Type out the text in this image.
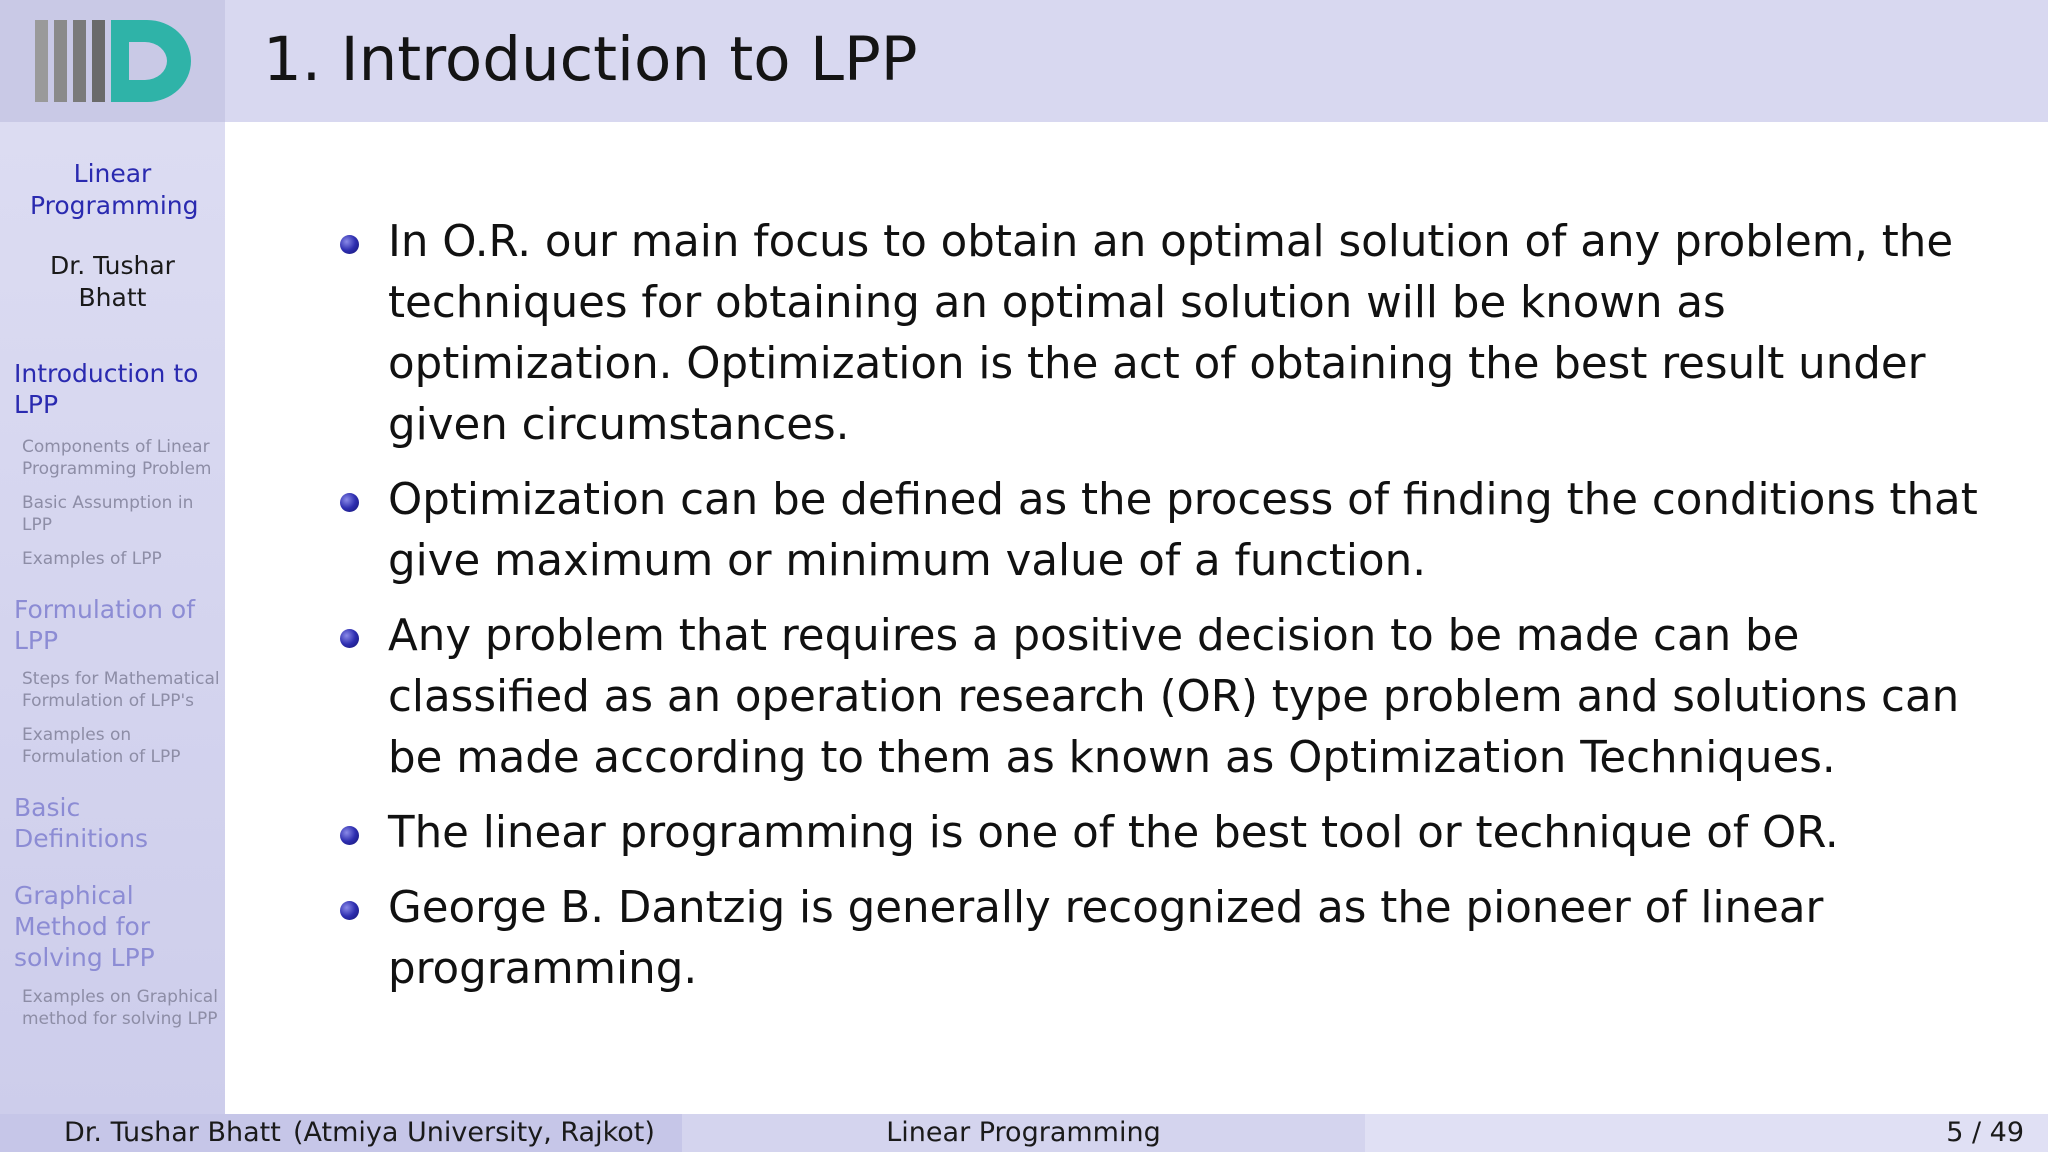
1. Introduction to LPP
Linear Programming
Dr. Tushar Bhatt
Introduction to LPP
Components of Linear Programming Problem
Basic Assumption in LPP
Examples of LPP
Formulation of LPP
Steps for Mathematical Formulation of LPP's
Examples on Formulation of LPP
Basic Definitions
Graphical Method for solving LPP
Examples on Graphical method for solving LPP
In O.R. our main focus to obtain an optimal solution of any problem, the techniques for obtaining an optimal solution will be known as optimization. Optimization is the act of obtaining the best result under given circumstances.
Optimization can be defined as the process of finding the conditions that give maximum or minimum value of a function.
Any problem that requires a positive decision to be made can be classified as an operation research (OR) type problem and solutions can be made according to them as known as Optimization Techniques.
The linear programming is one of the best tool or technique of OR.
George B. Dantzig is generally recognized as the pioneer of linear programming.
Dr. Tushar Bhatt (Atmiya University, Rajkot)	Linear Programming	5 / 49
